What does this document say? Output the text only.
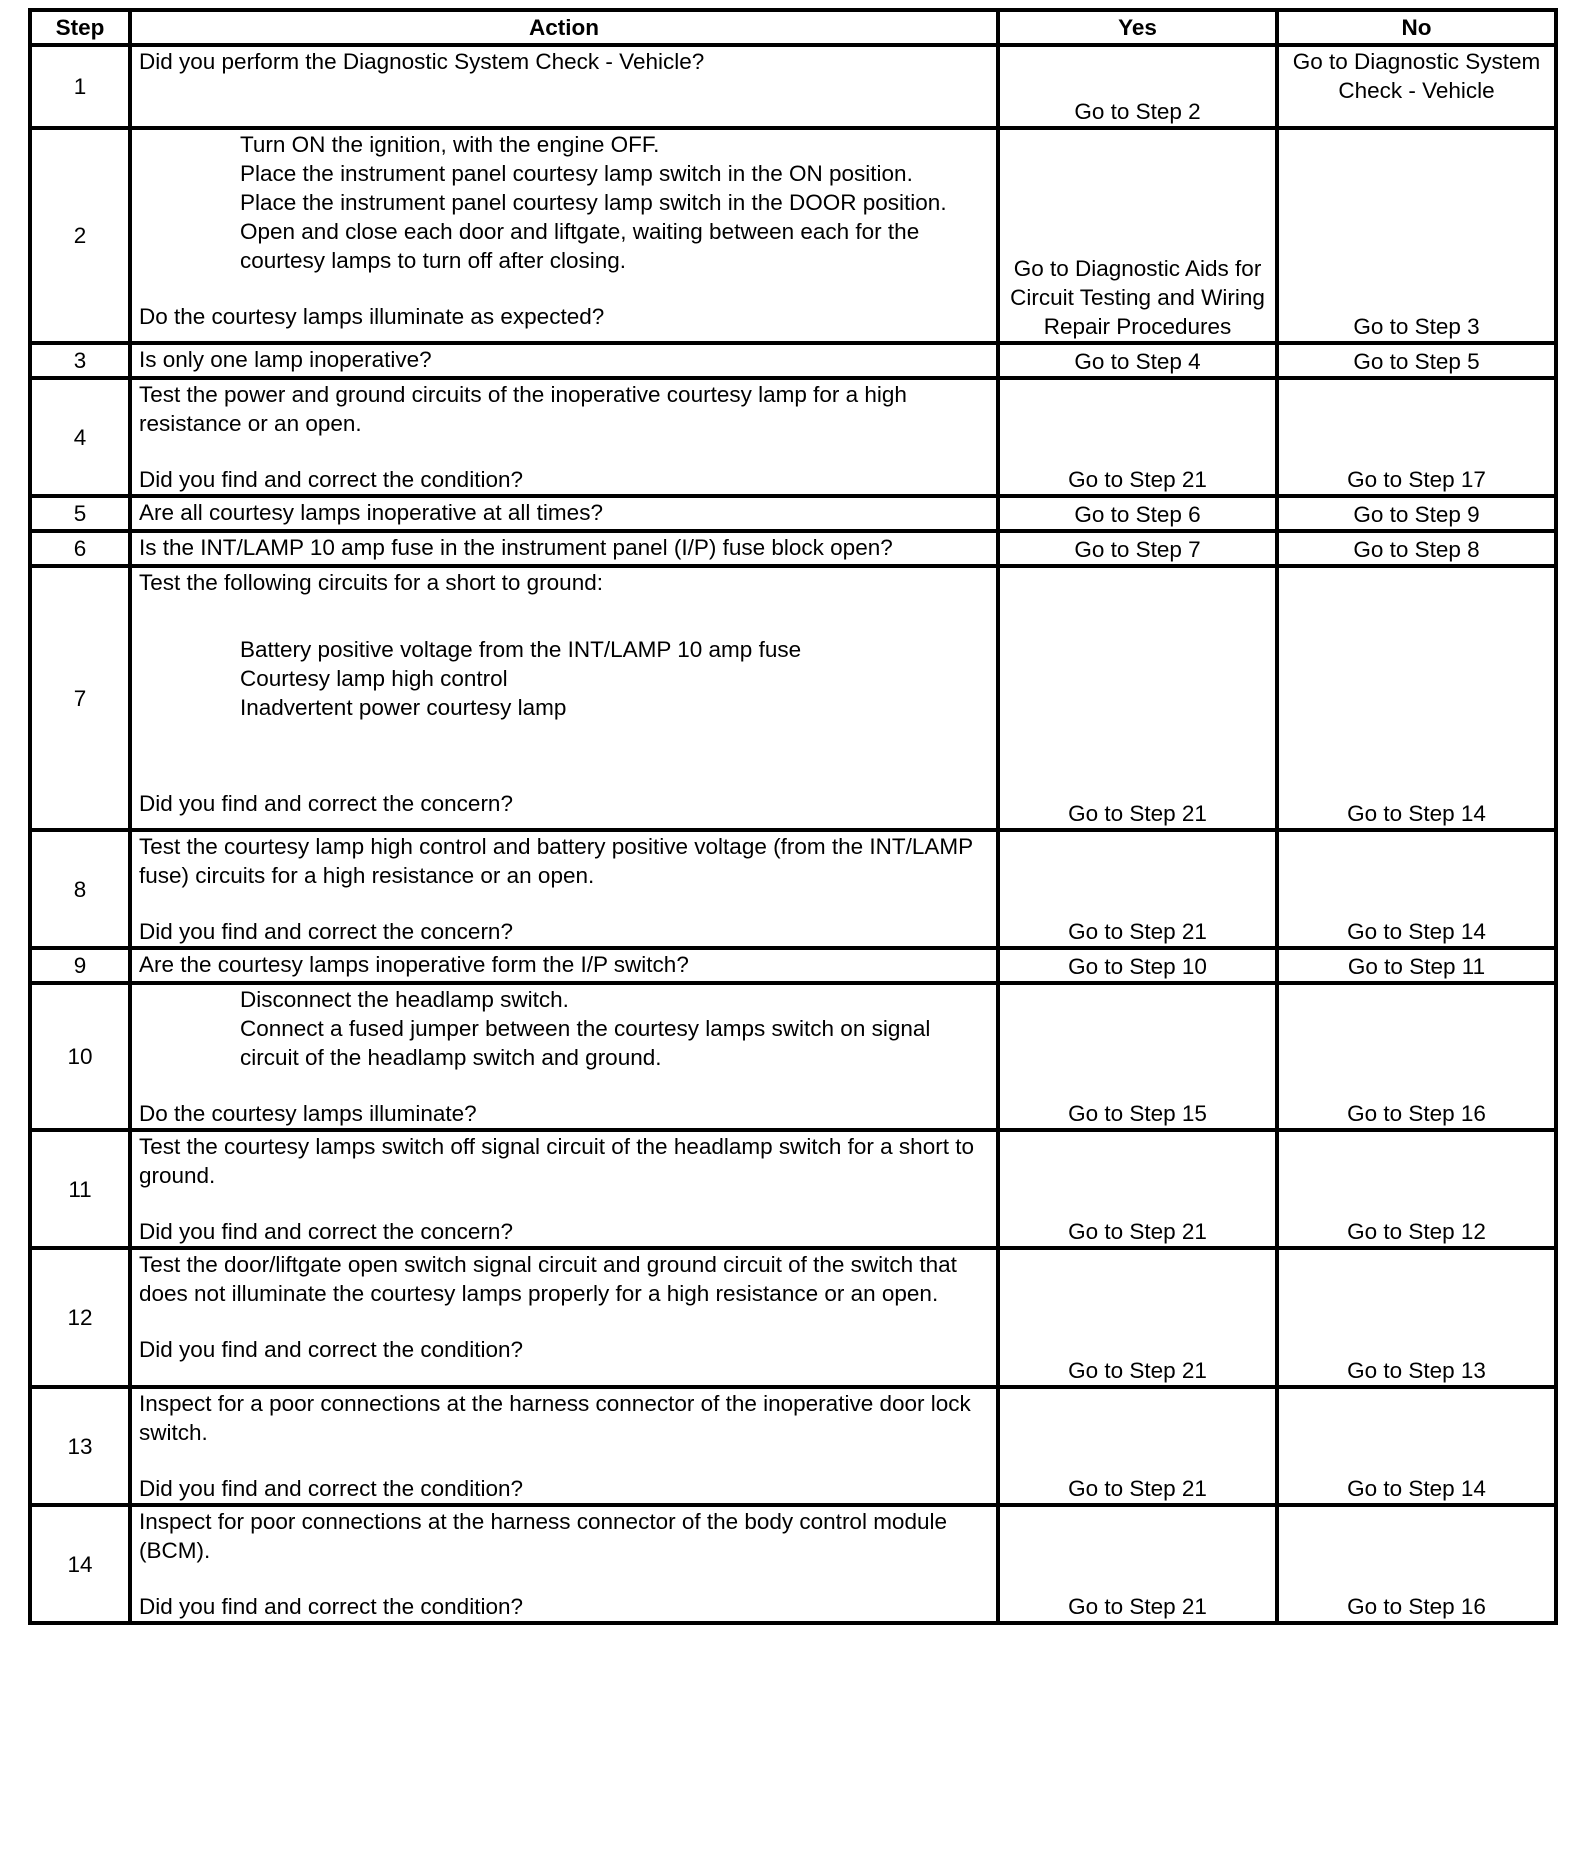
Step	Action	Yes	No
1	Did you perform the Diagnostic System Check - Vehicle?	Go to Step 2	Go to Diagnostic System Check - Vehicle
2	Turn ON the ignition, with the engine OFF.
Place the instrument panel courtesy lamp switch in the ON position.
Place the instrument panel courtesy lamp switch in the DOOR position.
Open and close each door and liftgate, waiting between each for the courtesy lamps to turn off after closing.
Do the courtesy lamps illuminate as expected?	Go to Diagnostic Aids for Circuit Testing and Wiring Repair Procedures	Go to Step 3
3	Is only one lamp inoperative?	Go to Step 4	Go to Step 5
4	Test the power and ground circuits of the inoperative courtesy lamp for a high resistance or an open.
Did you find and correct the condition?	Go to Step 21	Go to Step 17
5	Are all courtesy lamps inoperative at all times?	Go to Step 6	Go to Step 9
6	Is the INT/LAMP 10 amp fuse in the instrument panel (I/P) fuse block open?	Go to Step 7	Go to Step 8
7	Test the following circuits for a short to ground:
Battery positive voltage from the INT/LAMP 10 amp fuse
Courtesy lamp high control
Inadvertent power courtesy lamp
Did you find and correct the concern?	Go to Step 21	Go to Step 14
8	Test the courtesy lamp high control and battery positive voltage (from the INT/LAMP fuse) circuits for a high resistance or an open.
Did you find and correct the concern?	Go to Step 21	Go to Step 14
9	Are the courtesy lamps inoperative form the I/P switch?	Go to Step 10	Go to Step 11
10	Disconnect the headlamp switch.
Connect a fused jumper between the courtesy lamps switch on signal circuit of the headlamp switch and ground.
Do the courtesy lamps illuminate?	Go to Step 15	Go to Step 16
11	Test the courtesy lamps switch off signal circuit of the headlamp switch for a short to ground.
Did you find and correct the concern?	Go to Step 21	Go to Step 12
12	Test the door/liftgate open switch signal circuit and ground circuit of the switch that does not illuminate the courtesy lamps properly for a high resistance or an open.
Did you find and correct the condition?	Go to Step 21	Go to Step 13
13	Inspect for a poor connections at the harness connector of the inoperative door lock switch.
Did you find and correct the condition?	Go to Step 21	Go to Step 14
14	Inspect for poor connections at the harness connector of the body control module (BCM).
Did you find and correct the condition?	Go to Step 21	Go to Step 16
